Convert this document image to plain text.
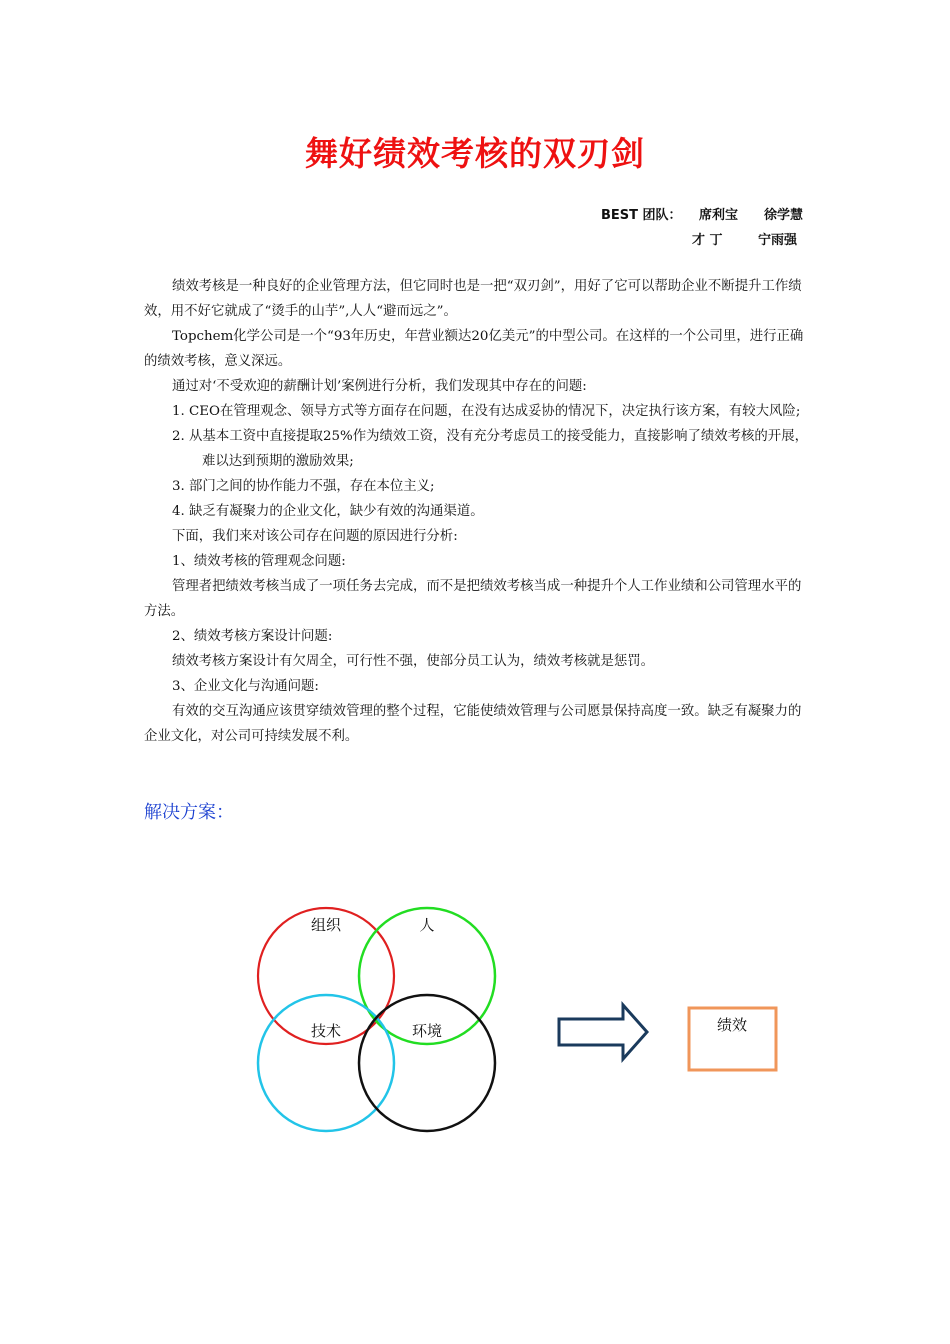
舞好绩效考核的双刃剑
BEST 团队： 席利宝 徐学慧
才 丁	宁雨强

绩效考核是一种良好的企业管理方法，但它同时也是一把“双刃剑”，用好了它可以帮助企业不断提升工作绩效，用不好它就成了“烫手的山芋”,人人“避而远之”。

Topchem化学公司是一个“93年历史，年营业额达20亿美元”的中型公司。在这样的一个公司里，进行正确的绩效考核，意义深远。

通过对‘不受欢迎的薪酬计划’案例进行分析，我们发现其中存在的问题:

1. CEO在管理观念、领导方式等方面存在问题，在没有达成妥协的情况下，决定执行该方案，有较大风险;

2. 从基本工资中直接提取25%作为绩效工资，没有充分考虑员工的接受能力，直接影响了绩效考核的开展，难以达到预期的激励效果;

3. 部门之间的协作能力不强，存在本位主义;

4. 缺乏有凝聚力的企业文化，缺少有效的沟通渠道。

下面，我们来对该公司存在问题的原因进行分析:

1、绩效考核的管理观念问题:

管理者把绩效考核当成了一项任务去完成，而不是把绩效考核当成一种提升个人工作业绩和公司管理水平的方法。

2、绩效考核方案设计问题:

绩效考核方案设计有欠周全，可行性不强，使部分员工认为，绩效考核就是惩罚。

3、企业文化与沟通问题:

有效的交互沟通应该贯穿绩效管理的整个过程，它能使绩效管理与公司愿景保持高度一致。缺乏有凝聚力的企业文化，对公司可持续发展不利。

解决方案：
组织	人
技术	环境	绩效
